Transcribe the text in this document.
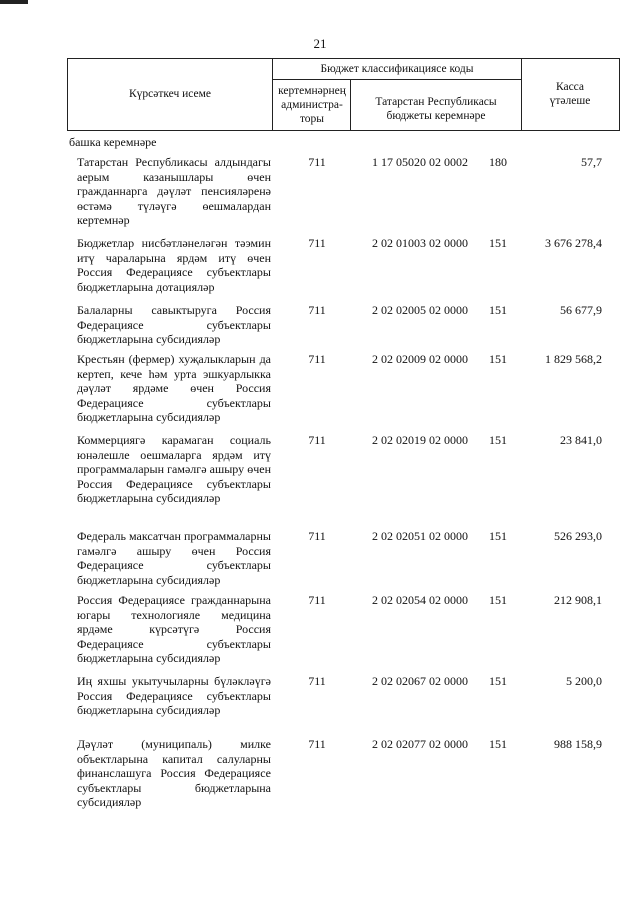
21
Күрсәткеч исеме
Бюджет классификациясе коды
кертемнәрнең администра-торы
Татарстан Республикасы бюджеты керемнәре
Касса үтәлеше
башка керемнәре
Татарстан Республикасы алдындагы аерым казанышлары өчен гражданнарга дәүләт пенсияләренә өстәмә түләүгә өешмалардан кертемнәр
711	1 17 05020 02 0002	180	57,7
Бюджетлар нисбәтләнеләгән тәэмин итү чараларына ярдәм итү өчен Россия Федерациясе субъектлары бюджетларына дотацияләр
711	2 02 01003 02 0000	151	3 676 278,4
Балаларны савыктыруга Россия Федерациясе субъектлары бюджетларына субсидияләр
711	2 02 02005 02 0000	151	56 677,9
Крестьян (фермер) хуҗалыкларын да кертеп, кече һәм урта эшкуарлыкка дәүләт ярдәме өчен Россия Федерациясе субъектлары бюджетларына субсидияләр
711	2 02 02009 02 0000	151	1 829 568,2
Коммерциягә карамаган социаль юнәлешле оешмаларга ярдәм итү программаларын гамәлгә ашыру өчен Россия Федерациясе субъектлары бюджетларына субсидияләр
711	2 02 02019 02 0000	151	23 841,0
Федераль максатчан программаларны гамәлгә ашыру өчен Россия Федерациясе субъектлары бюджетларына субсидияләр
711	2 02 02051 02 0000	151	526 293,0
Россия Федерациясе гражданнарына югары технологияле медицина ярдәме күрсәтүгә Россия Федерациясе субъектлары бюджетларына субсидияләр
711	2 02 02054 02 0000	151	212 908,1
Иң яхшы укытучыларны бүләкләүгә Россия Федерациясе субъектлары бюджетларына субсидияләр
711	2 02 02067 02 0000	151	5 200,0
Дәүләт (муниципаль) милке объектларына капитал салуларны финанслашуга Россия Федерациясе субъектлары бюджетларына субсидияләр
711	2 02 02077 02 0000	151	988 158,9
